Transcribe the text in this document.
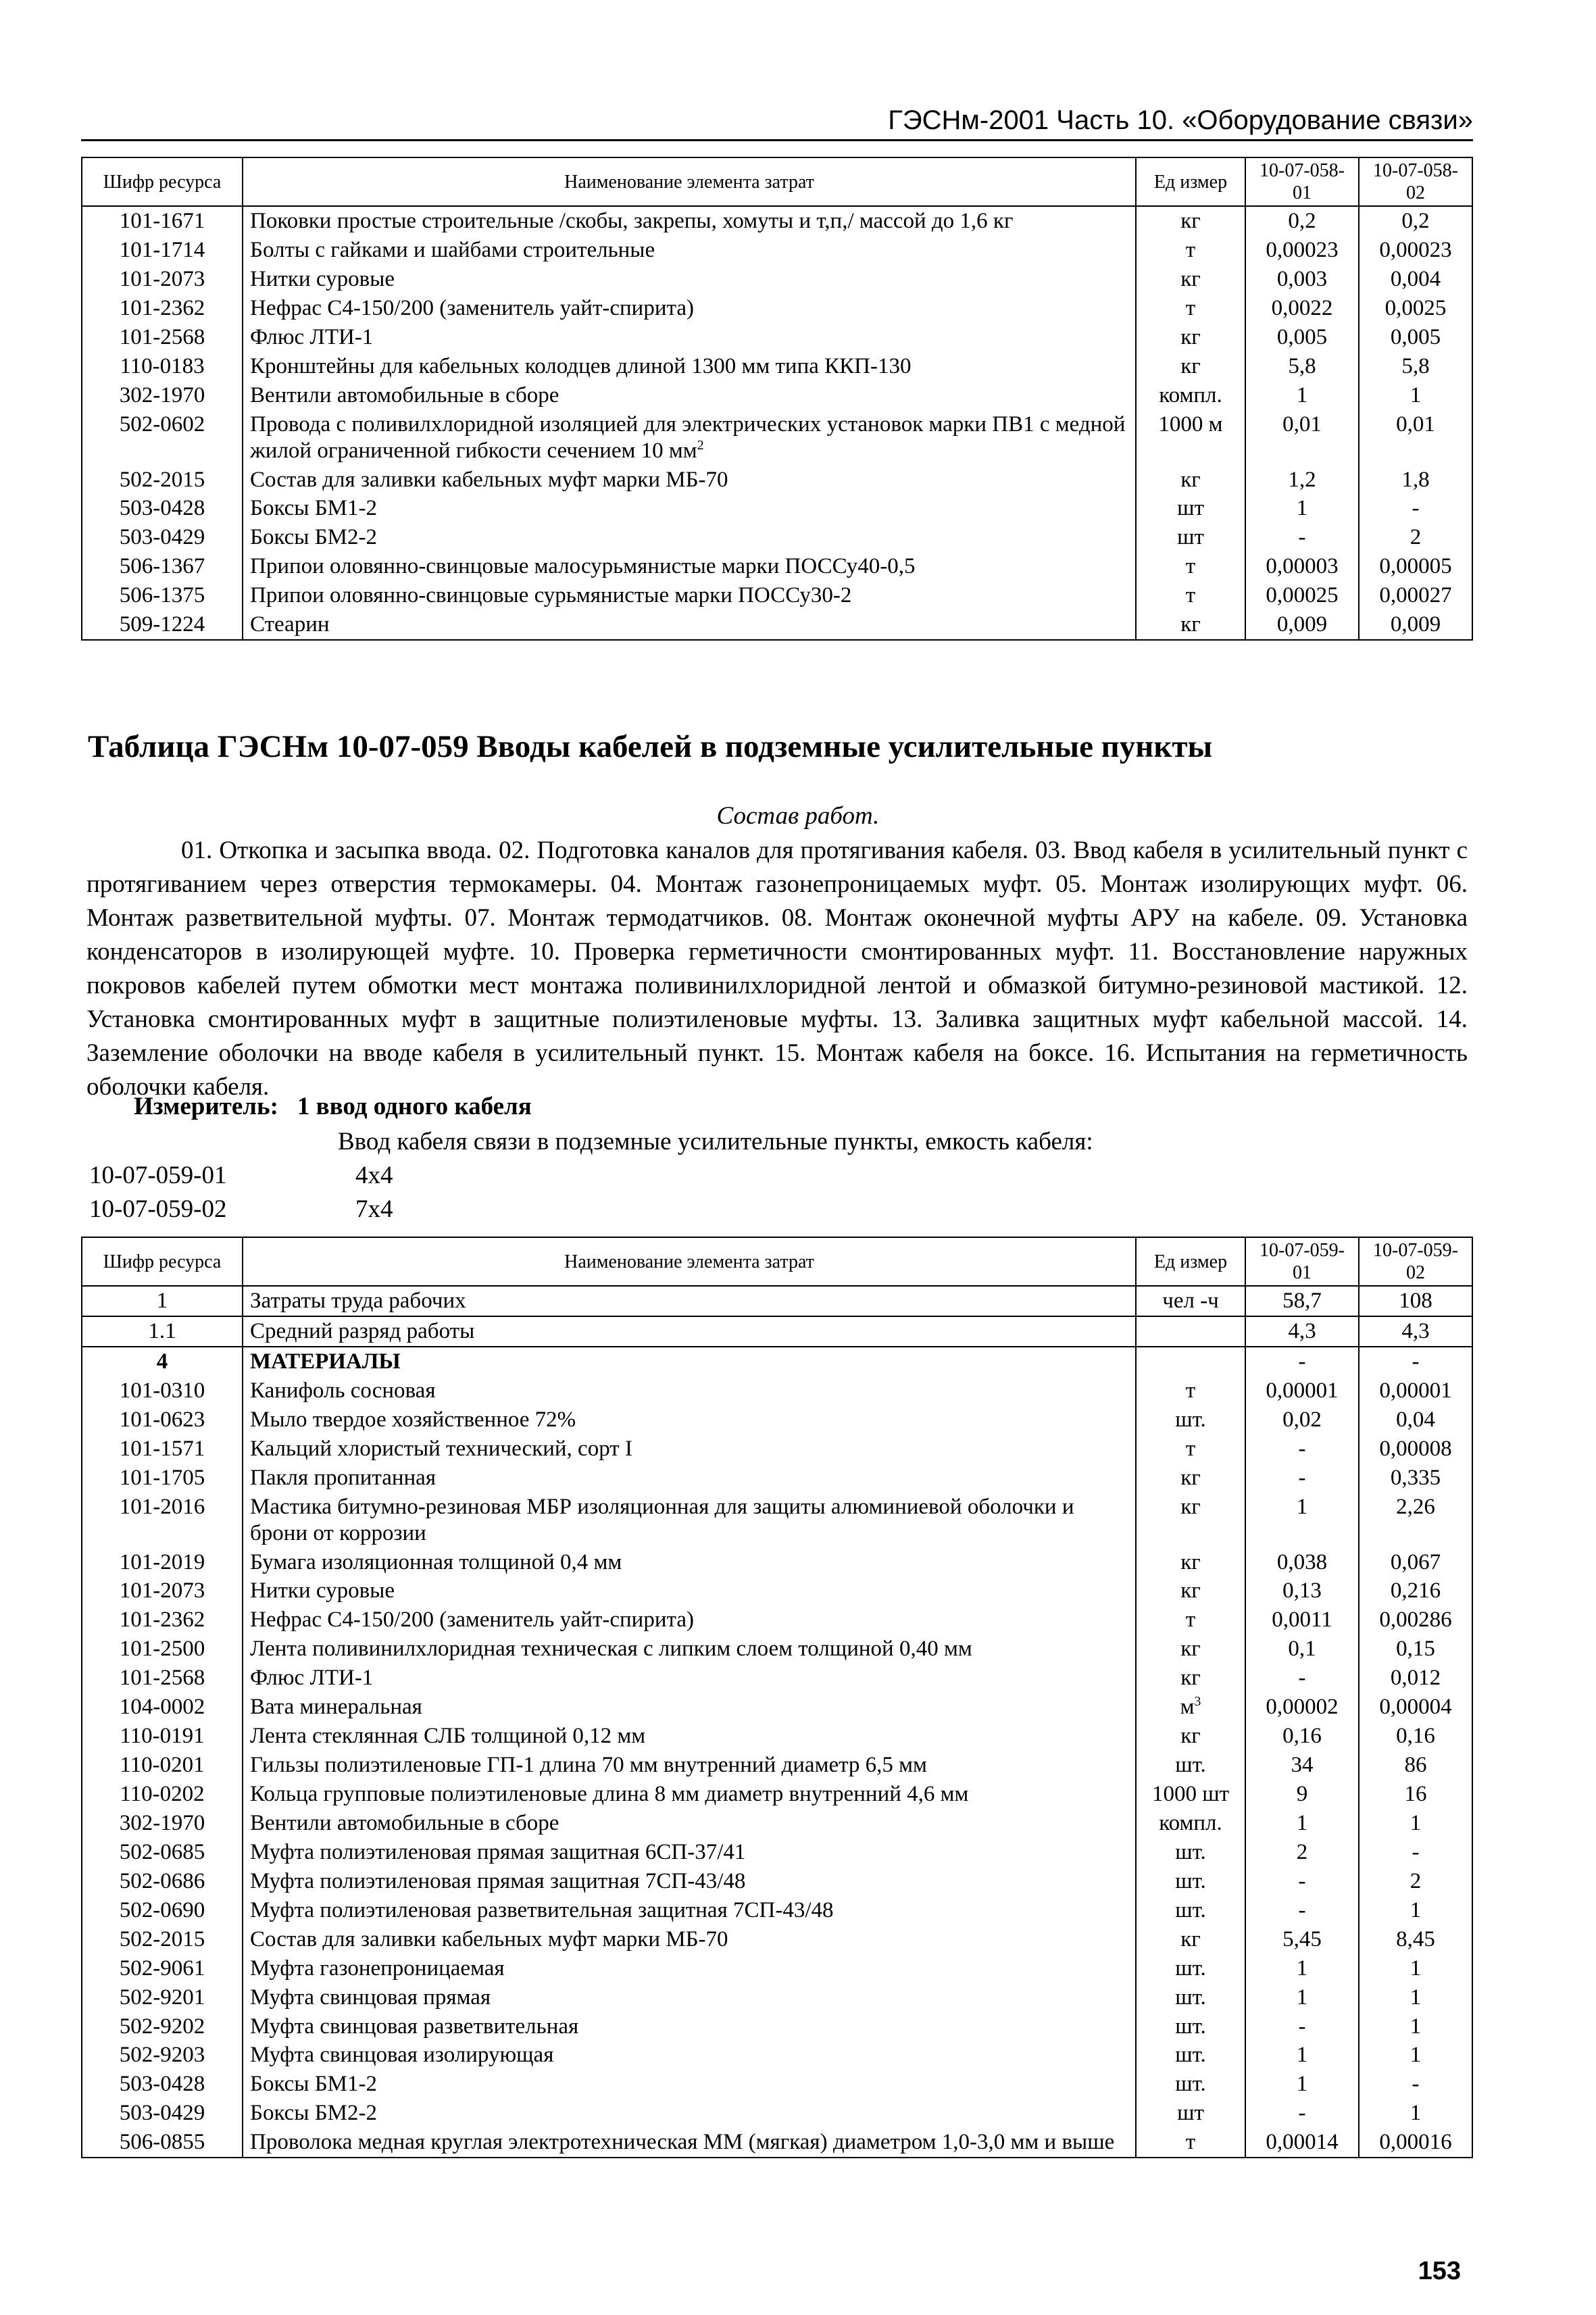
ГЭСНм-2001 Часть 10. «Оборудование связи»
Шифр ресурса	Наименование элемента затрат	Ед измер	10-07-058-01	10-07-058-02
101-1671	Поковки простые строительные /скобы, закрепы, хомуты и т,п,/ массой до 1,6 кг	кг	0,2	0,2
101-1714	Болты с гайками и шайбами строительные	т	0,00023	0,00023
101-2073	Нитки суровые	кг	0,003	0,004
101-2362	Нефрас С4-150/200 (заменитель уайт-спирита)	т	0,0022	0,0025
101-2568	Флюс ЛТИ-1	кг	0,005	0,005
110-0183	Кронштейны для кабельных колодцев длиной 1300 мм типа ККП-130	кг	5,8	5,8
302-1970	Вентили автомобильные в сборе	компл.	1	1
502-0602	Провода с поливилхлоридной изоляцией для электрических установок марки ПВ1 с медной жилой ограниченной гибкости сечением 10 $мм^2$	1000 м	0,01	0,01
502-2015	Состав для заливки кабельных муфт марки МБ-70	кг	1,2	1,8
503-0428	Боксы БМ1-2	шт	1	-
503-0429	Боксы БМ2-2	шт	-	2
506-1367	Припои оловянно-свинцовые малосурьмянистые марки ПОССу40-0,5	т	0,00003	0,00005
506-1375	Припои оловянно-свинцовые сурьмянистые марки ПОССу30-2	т	0,00025	0,00027
509-1224	Стеарин	кг	0,009	0,009
Таблица ГЭСНм 10-07-059 Вводы кабелей в подземные усилительные пункты
Состав работ.
01. Откопка и засыпка ввода. 02. Подготовка каналов для протягивания кабеля. 03. Ввод кабеля в усилительный пункт с протягиванием через отверстия термокамеры. 04. Монтаж газонепроницаемых муфт. 05. Монтаж изолирующих муфт. 06. Монтаж разветвительной муфты. 07. Монтаж термодатчиков. 08. Монтаж оконечной муфты АРУ на кабеле. 09. Установка конденсаторов в изолирующей муфте. 10. Проверка герметичности смонтированных муфт. 11. Восстановление наружных покровов кабелей путем обмотки мест монтажа поливинилхлоридной лентой и обмазкой битумно-резиновой мастикой. 12. Установка смонтированных муфт в защитные полиэтиленовые муфты. 13. Заливка защитных муфт кабельной массой. 14. Заземление оболочки на вводе кабеля в усилительный пункт. 15. Монтаж кабеля на боксе. 16. Испытания на герметичность оболочки кабеля.
Измеритель: 1 ввод одного кабеля
Ввод кабеля связи в подземные усилительные пункты, емкость кабеля:
10-07-059-01	4x4
10-07-059-02	7x4
Шифр ресурса	Наименование элемента затрат	Ед измер	10-07-059-01	10-07-059-02
1	Затраты труда рабочих	чел -ч	58,7	108
1.1	Средний разряд работы		4,3	4,3
4	МАТЕРИАЛЫ		-	-
101-0310	Канифоль сосновая	т	0,00001	0,00001
101-0623	Мыло твердое хозяйственное 72%	шт.	0,02	0,04
101-1571	Кальций хлористый технический, сорт I	т	-	0,00008
101-1705	Пакля пропитанная	кг	-	0,335
101-2016	Мастика битумно-резиновая МБР изоляционная для защиты алюминиевой оболочки и брони от коррозии	кг	1	2,26
101-2019	Бумага изоляционная толщиной 0,4 мм	кг	0,038	0,067
101-2073	Нитки суровые	кг	0,13	0,216
101-2362	Нефрас С4-150/200 (заменитель уайт-спирита)	т	0,0011	0,00286
101-2500	Лента поливинилхлоридная техническая с липким слоем толщиной 0,40 мм	кг	0,1	0,15
101-2568	Флюс ЛТИ-1	кг	-	0,012
104-0002	Вата минеральная	$м^3$	0,00002	0,00004
110-0191	Лента стеклянная СЛБ толщиной 0,12 мм	кг	0,16	0,16
110-0201	Гильзы полиэтиленовые ГП-1 длина 70 мм внутренний диаметр 6,5 мм	шт.	34	86
110-0202	Кольца групповые полиэтиленовые длина 8 мм диаметр внутренний 4,6 мм	1000 шт	9	16
302-1970	Вентили автомобильные в сборе	компл.	1	1
502-0685	Муфта полиэтиленовая прямая защитная 6СП-37/41	шт.	2	-
502-0686	Муфта полиэтиленовая прямая защитная 7СП-43/48	шт.	-	2
502-0690	Муфта полиэтиленовая разветвительная защитная 7СП-43/48	шт.	-	1
502-2015	Состав для заливки кабельных муфт марки МБ-70	кг	5,45	8,45
502-9061	Муфта газонепроницаемая	шт.	1	1
502-9201	Муфта свинцовая прямая	шт.	1	1
502-9202	Муфта свинцовая разветвительная	шт.	-	1
502-9203	Муфта свинцовая изолирующая	шт.	1	1
503-0428	Боксы БМ1-2	шт.	1	-
503-0429	Боксы БМ2-2	шт	-	1
506-0855	Проволока медная круглая электротехническая ММ (мягкая) диаметром 1,0-3,0 мм и выше	т	0,00014	0,00016
153
